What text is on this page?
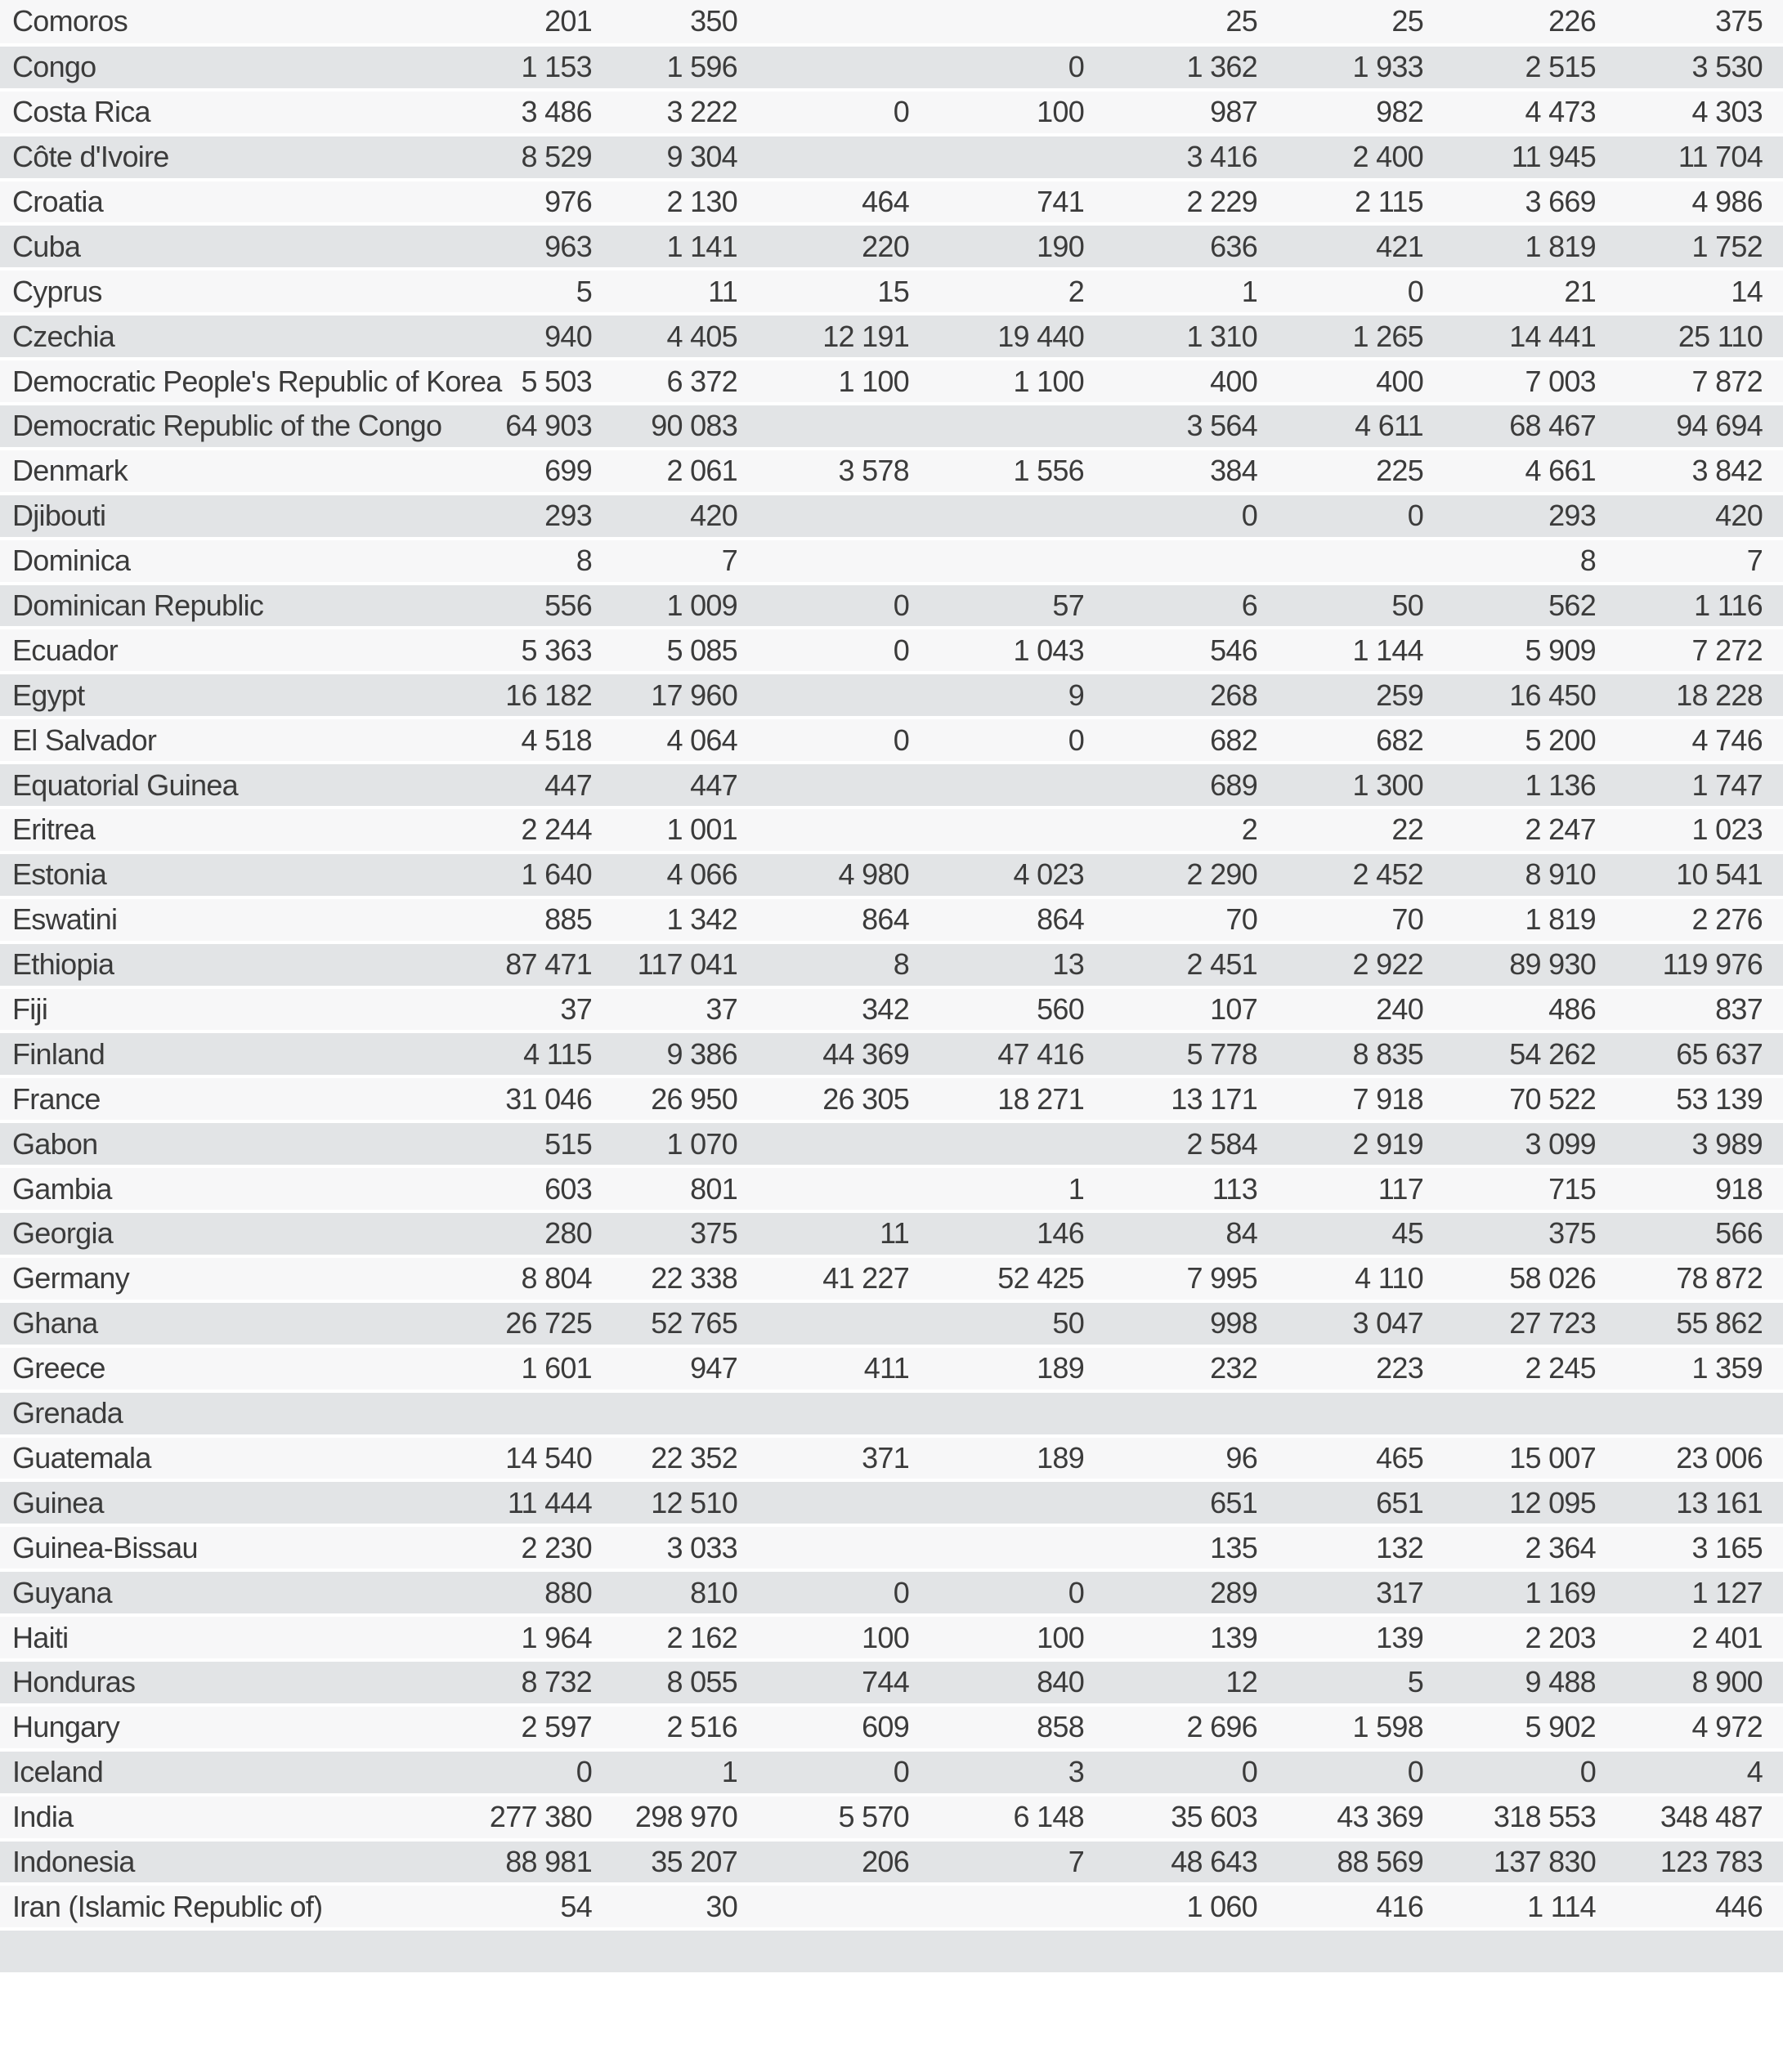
Comoros	201	350			25	25	226	375
Congo	1 153	1 596		0	1 362	1 933	2 515	3 530
Costa Rica	3 486	3 222	0	100	987	982	4 473	4 303
Côte d'Ivoire	8 529	9 304			3 416	2 400	11 945	11 704
Croatia	976	2 130	464	741	2 229	2 115	3 669	4 986
Cuba	963	1 141	220	190	636	421	1 819	1 752
Cyprus	5	11	15	2	1	0	21	14
Czechia	940	4 405	12 191	19 440	1 310	1 265	14 441	25 110
Democratic People's Republic of Korea	5 503	6 372	1 100	1 100	400	400	7 003	7 872
Democratic Republic of the Congo	64 903	90 083			3 564	4 611	68 467	94 694
Denmark	699	2 061	3 578	1 556	384	225	4 661	3 842
Djibouti	293	420			0	0	293	420
Dominica	8	7					8	7
Dominican Republic	556	1 009	0	57	6	50	562	1 116
Ecuador	5 363	5 085	0	1 043	546	1 144	5 909	7 272
Egypt	16 182	17 960		9	268	259	16 450	18 228
El Salvador	4 518	4 064	0	0	682	682	5 200	4 746
Equatorial Guinea	447	447			689	1 300	1 136	1 747
Eritrea	2 244	1 001			2	22	2 247	1 023
Estonia	1 640	4 066	4 980	4 023	2 290	2 452	8 910	10 541
Eswatini	885	1 342	864	864	70	70	1 819	2 276
Ethiopia	87 471	117 041	8	13	2 451	2 922	89 930	119 976
Fiji	37	37	342	560	107	240	486	837
Finland	4 115	9 386	44 369	47 416	5 778	8 835	54 262	65 637
France	31 046	26 950	26 305	18 271	13 171	7 918	70 522	53 139
Gabon	515	1 070			2 584	2 919	3 099	3 989
Gambia	603	801		1	113	117	715	918
Georgia	280	375	11	146	84	45	375	566
Germany	8 804	22 338	41 227	52 425	7 995	4 110	58 026	78 872
Ghana	26 725	52 765		50	998	3 047	27 723	55 862
Greece	1 601	947	411	189	232	223	2 245	1 359
Grenada								
Guatemala	14 540	22 352	371	189	96	465	15 007	23 006
Guinea	11 444	12 510			651	651	12 095	13 161
Guinea-Bissau	2 230	3 033			135	132	2 364	3 165
Guyana	880	810	0	0	289	317	1 169	1 127
Haiti	1 964	2 162	100	100	139	139	2 203	2 401
Honduras	8 732	8 055	744	840	12	5	9 488	8 900
Hungary	2 597	2 516	609	858	2 696	1 598	5 902	4 972
Iceland	0	1	0	3	0	0	0	4
India	277 380	298 970	5 570	6 148	35 603	43 369	318 553	348 487
Indonesia	88 981	35 207	206	7	48 643	88 569	137 830	123 783
Iran (Islamic Republic of)	54	30			1 060	416	1 114	446
